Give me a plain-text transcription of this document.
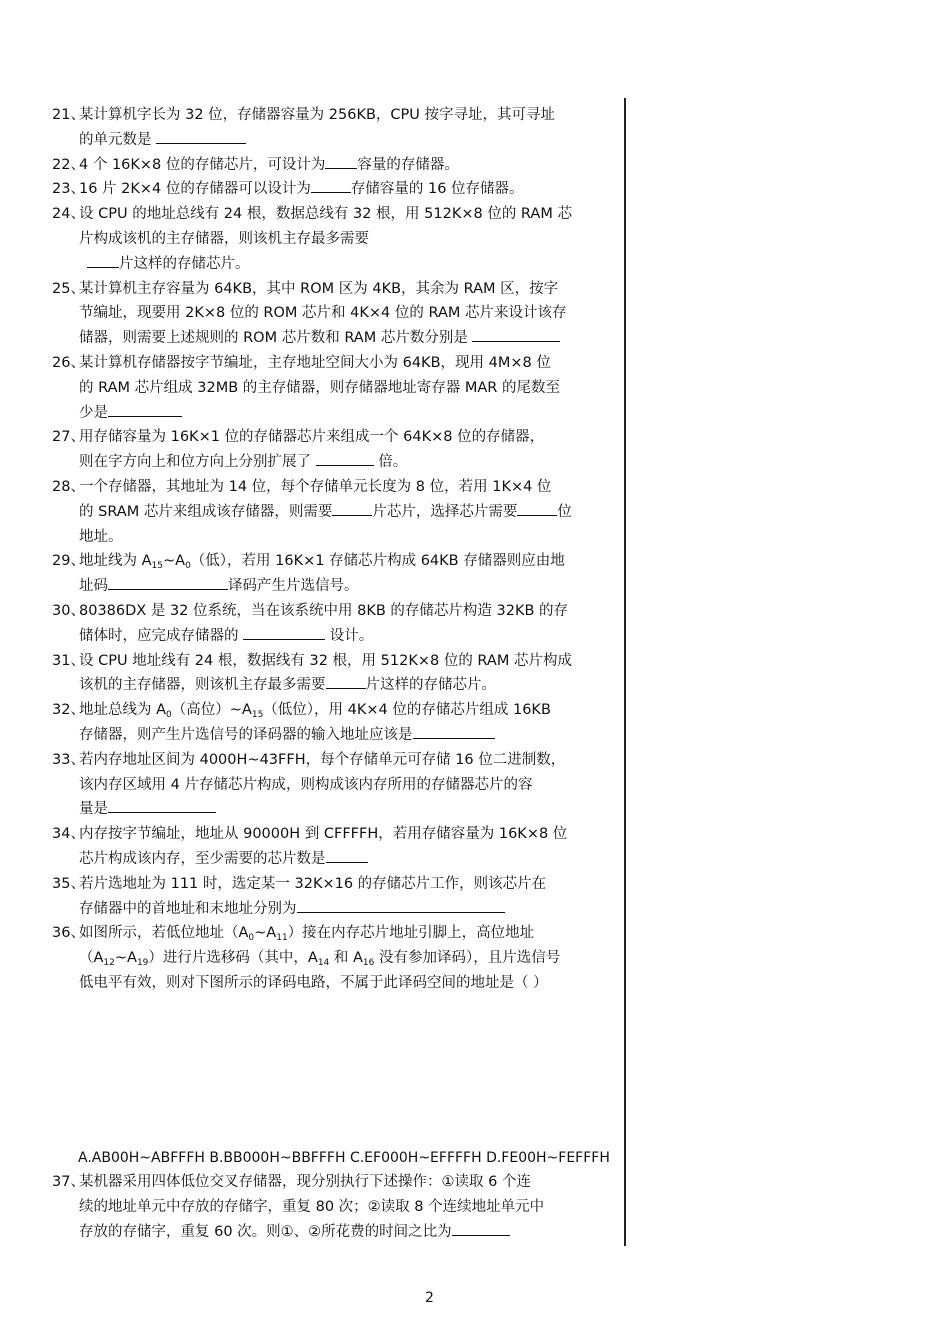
21、

某计算机字长为 32 位，存储器容量为 256KB，CPU 按字寻址，其可寻址

的单元数是

22、

4 个 16K×8 位的存储芯片，可设计为 容量的存储器。

23、

16 片 2K×4 位的存储器可以设计为	存储容量的 16 位存储器。

24、

设 CPU 的地址总线有 24 根，数据总线有 32 根，用 512K×8 位的 RAM 芯

片构成该机的主存储器，则该机主存最多需要

片这样的存储芯片。

25、

某计算机主存容量为 64KB，其中 ROM 区为 4KB，其余为 RAM 区，按字

节编址，现要用 2K×8 位的 ROM 芯片和 4K×4 位的 RAM 芯片来设计该存

储器，则需要上述规则的 ROM 芯片数和 RAM 芯片数分别是

26、

某计算机存储器按字节编址，主存地址空间大小为 64KB，现用 4M×8 位

的 RAM 芯片组成 32MB 的主存储器，则存储器地址寄存器 MAR 的尾数至

少是

27、

用存储容量为 16K×1 位的存储器芯片来组成一个 64K×8 位的存储器，

则在字方向上和位方向上分别扩展了	倍。

28、

一个存储器，其地址为 14 位，每个存储单元长度为 8 位，若用 1K×4 位

的 SRAM 芯片来组成该存储器，则需要	片芯片，选择芯片需要	位

地址。

29、

地址线为 $A_{15}\sim A_0$（低），若用 16K×1 存储芯片构成 64KB 存储器则应由地

址码	译码产生片选信号。

30、

80386DX 是 32 位系统，当在该系统中用 8KB 的存储芯片构造 32KB 的存

储体时，应完成存储器的	设计。

31、

设 CPU 地址线有 24 根，数据线有 32 根，用 512K×8 位的 RAM 芯片构成

该机的主存储器，则该机主存最多需要	片这样的存储芯片。

32、

地址总线为 $A_0$（高位）$\sim A_{15}$（低位），用 4K×4 位的存储芯片组成 16KB

存储器，则产生片选信号的译码器的输入地址应该是

33、

若内存地址区间为 4000H~43FFH，每个存储单元可存储 16 位二进制数，

该内存区域用 4 片存储芯片构成，则构成该内存所用的存储器芯片的容

量是

34、

内存按字节编址，地址从 90000H 到 CFFFFH，若用存储容量为 16K×8 位

芯片构成该内存，至少需要的芯片数是

35、

若片选地址为 111 时，选定某一 32K×16 的存储芯片工作，则该芯片在

存储器中的首地址和末地址分别为

36、

如图所示，若低位地址$(A_0\sim A_{11})$接在内存芯片地址引脚上，高位地址

$(A_{12}\sim A_{19})$进行片选移码（其中，$A_{14}$ 和 $A_{16}$ 没有参加译码），且片选信号

低电平有效，则对下图所示的译码电路，不属于此译码空间的地址是（ ）

A.AB00H~ABFFFH B.BB000H~BBFFFH C.EF000H~EFFFFH D.FE00H~FEFFFH
37、

某机器采用四体低位交叉存储器，现分别执行下述操作：①读取 6 个连

续的地址单元中存放的存储字，重复 80 次；②读取 8 个连续地址单元中

存放的存储字，重复 60 次。则①、②所花费的时间之比为

2
